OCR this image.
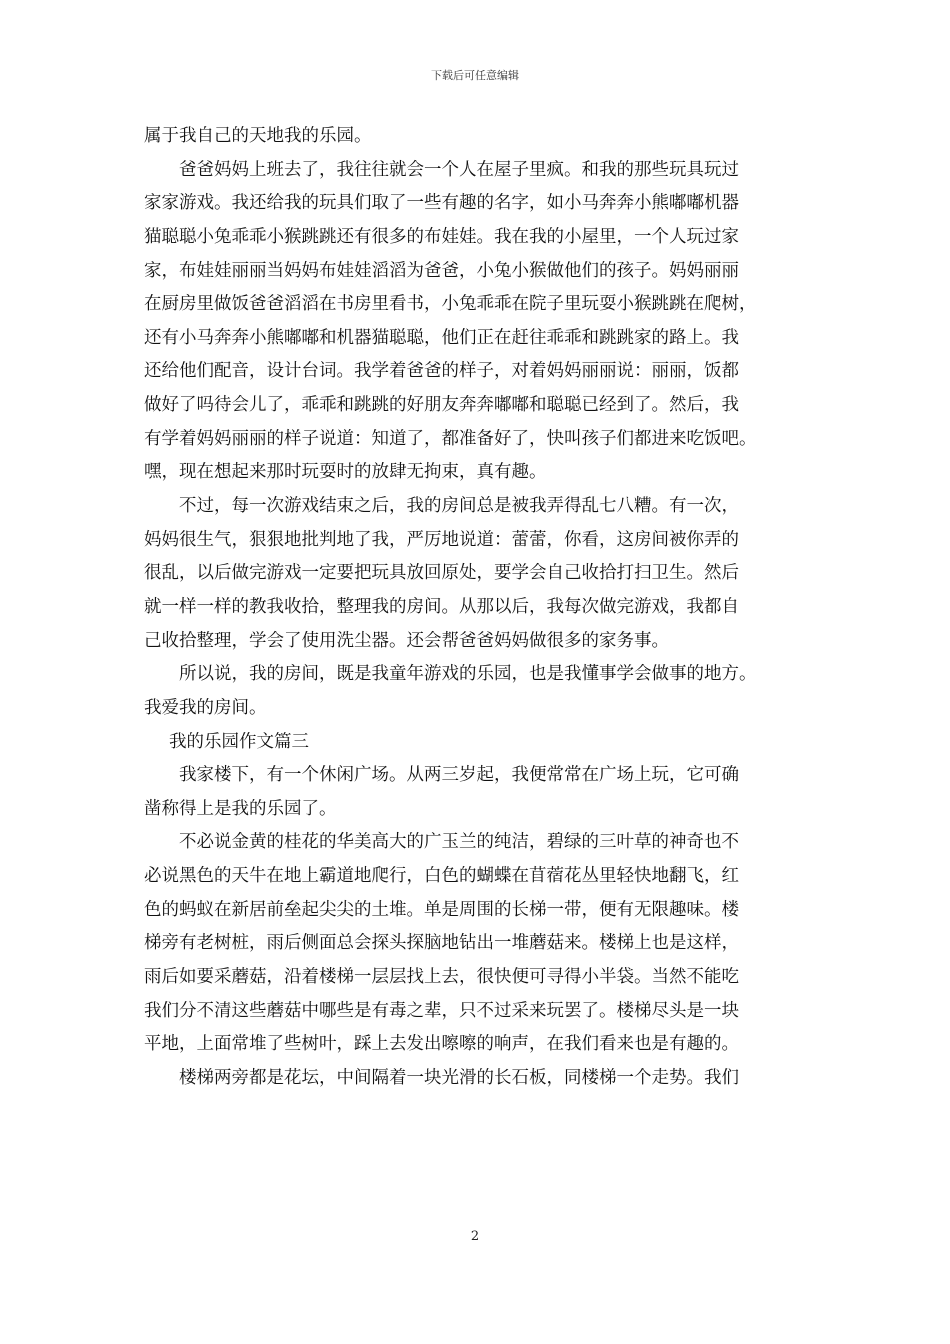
下载后可任意编辑
属于我自己的天地我的乐园。
爸爸妈妈上班去了，我往往就会一个人在屋子里疯。和我的那些玩具玩过
家家游戏。我还给我的玩具们取了一些有趣的名字，如小马奔奔小熊嘟嘟机器
猫聪聪小兔乖乖小猴跳跳还有很多的布娃娃。我在我的小屋里，一个人玩过家
家，布娃娃丽丽当妈妈布娃娃滔滔为爸爸，小兔小猴做他们的孩子。妈妈丽丽
在厨房里做饭爸爸滔滔在书房里看书，小兔乖乖在院子里玩耍小猴跳跳在爬树，
还有小马奔奔小熊嘟嘟和机器猫聪聪，他们正在赶往乖乖和跳跳家的路上。我
还给他们配音，设计台词。我学着爸爸的样子，对着妈妈丽丽说：丽丽，饭都
做好了吗待会儿了，乖乖和跳跳的好朋友奔奔嘟嘟和聪聪已经到了。然后，我
有学着妈妈丽丽的样子说道：知道了，都准备好了，快叫孩子们都进来吃饭吧。
嘿，现在想起来那时玩耍时的放肆无拘束，真有趣。
不过，每一次游戏结束之后，我的房间总是被我弄得乱七八糟。有一次，
妈妈很生气，狠狠地批判地了我，严厉地说道：蕾蕾，你看，这房间被你弄的
很乱，以后做完游戏一定要把玩具放回原处，要学会自己收拾打扫卫生。然后
就一样一样的教我收拾，整理我的房间。从那以后，我每次做完游戏，我都自
己收拾整理，学会了使用洗尘器。还会帮爸爸妈妈做很多的家务事。
所以说，我的房间，既是我童年游戏的乐园，也是我懂事学会做事的地方。
我爱我的房间。
我的乐园作文篇三
我家楼下，有一个休闲广场。从两三岁起，我便常常在广场上玩，它可确
凿称得上是我的乐园了。
不必说金黄的桂花的华美高大的广玉兰的纯洁，碧绿的三叶草的神奇也不
必说黑色的天牛在地上霸道地爬行，白色的蝴蝶在苜蓿花丛里轻快地翻飞，红
色的蚂蚁在新居前垒起尖尖的土堆。单是周围的长梯一带，便有无限趣味。楼
梯旁有老树桩，雨后侧面总会探头探脑地钻出一堆蘑菇来。楼梯上也是这样，
雨后如要采蘑菇，沿着楼梯一层层找上去，很快便可寻得小半袋。当然不能吃
我们分不清这些蘑菇中哪些是有毒之辈，只不过采来玩罢了。楼梯尽头是一块
平地，上面常堆了些树叶，踩上去发出嚓嚓的响声，在我们看来也是有趣的。
楼梯两旁都是花坛，中间隔着一块光滑的长石板，同楼梯一个走势。我们
2
